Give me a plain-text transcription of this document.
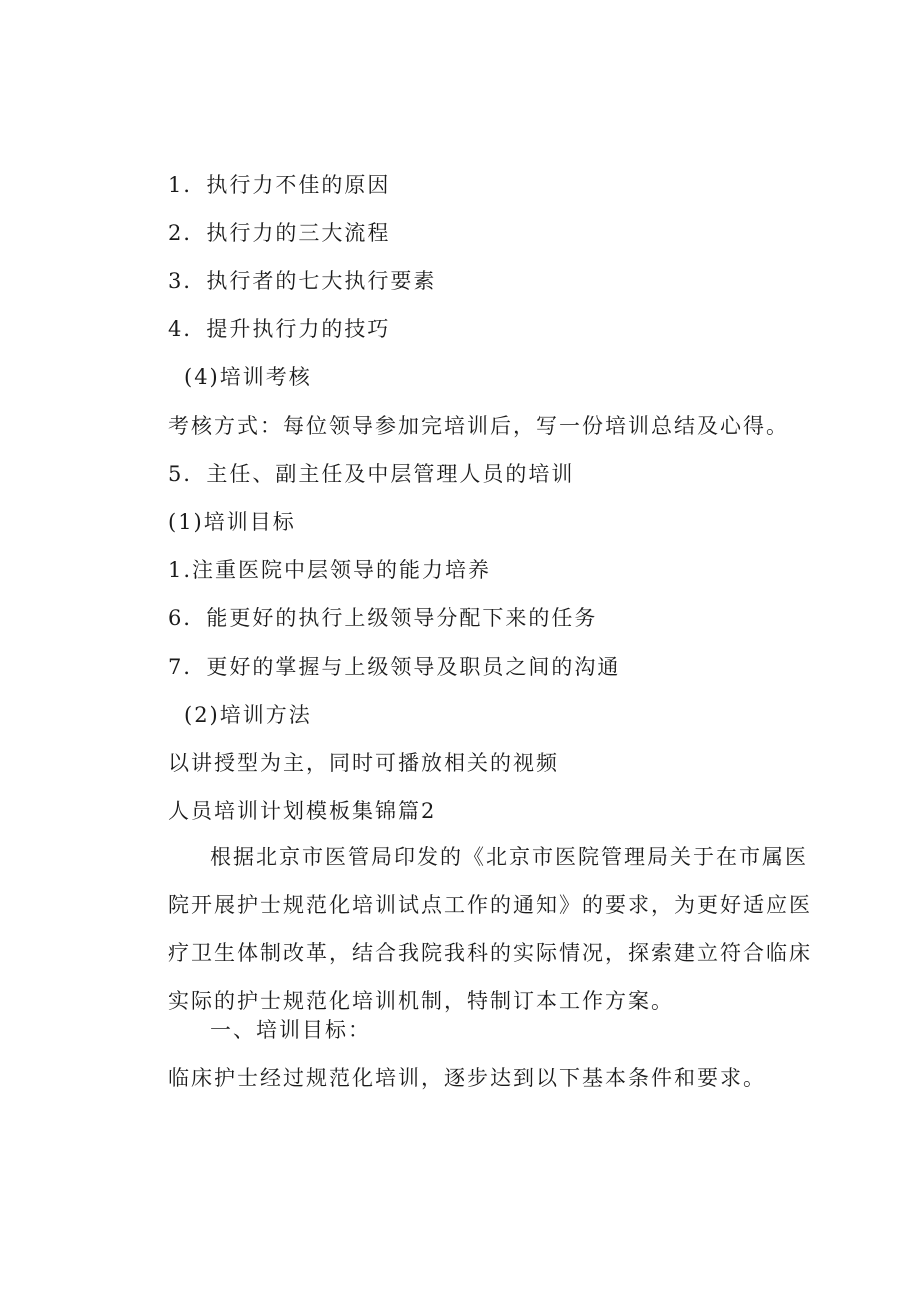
1．执行力不佳的原因
2．执行力的三大流程
3．执行者的七大执行要素
4．提升执行力的技巧
(4)培训考核
考核方式：每位领导参加完培训后，写一份培训总结及心得。
5．主任、副主任及中层管理人员的培训
(1)培训目标
1.注重医院中层领导的能力培养
6．能更好的执行上级领导分配下来的任务
7．更好的掌握与上级领导及职员之间的沟通
(2)培训方法
以讲授型为主，同时可播放相关的视频
人员培训计划模板集锦篇2
根据北京市医管局印发的《北京市医院管理局关于在市属医院开展护士规范化培训试点工作的通知》的要求，为更好适应医疗卫生体制改革，结合我院我科的实际情况，探索建立符合临床实际的护士规范化培训机制，特制订本工作方案。
一、培训目标：
临床护士经过规范化培训，逐步达到以下基本条件和要求。
